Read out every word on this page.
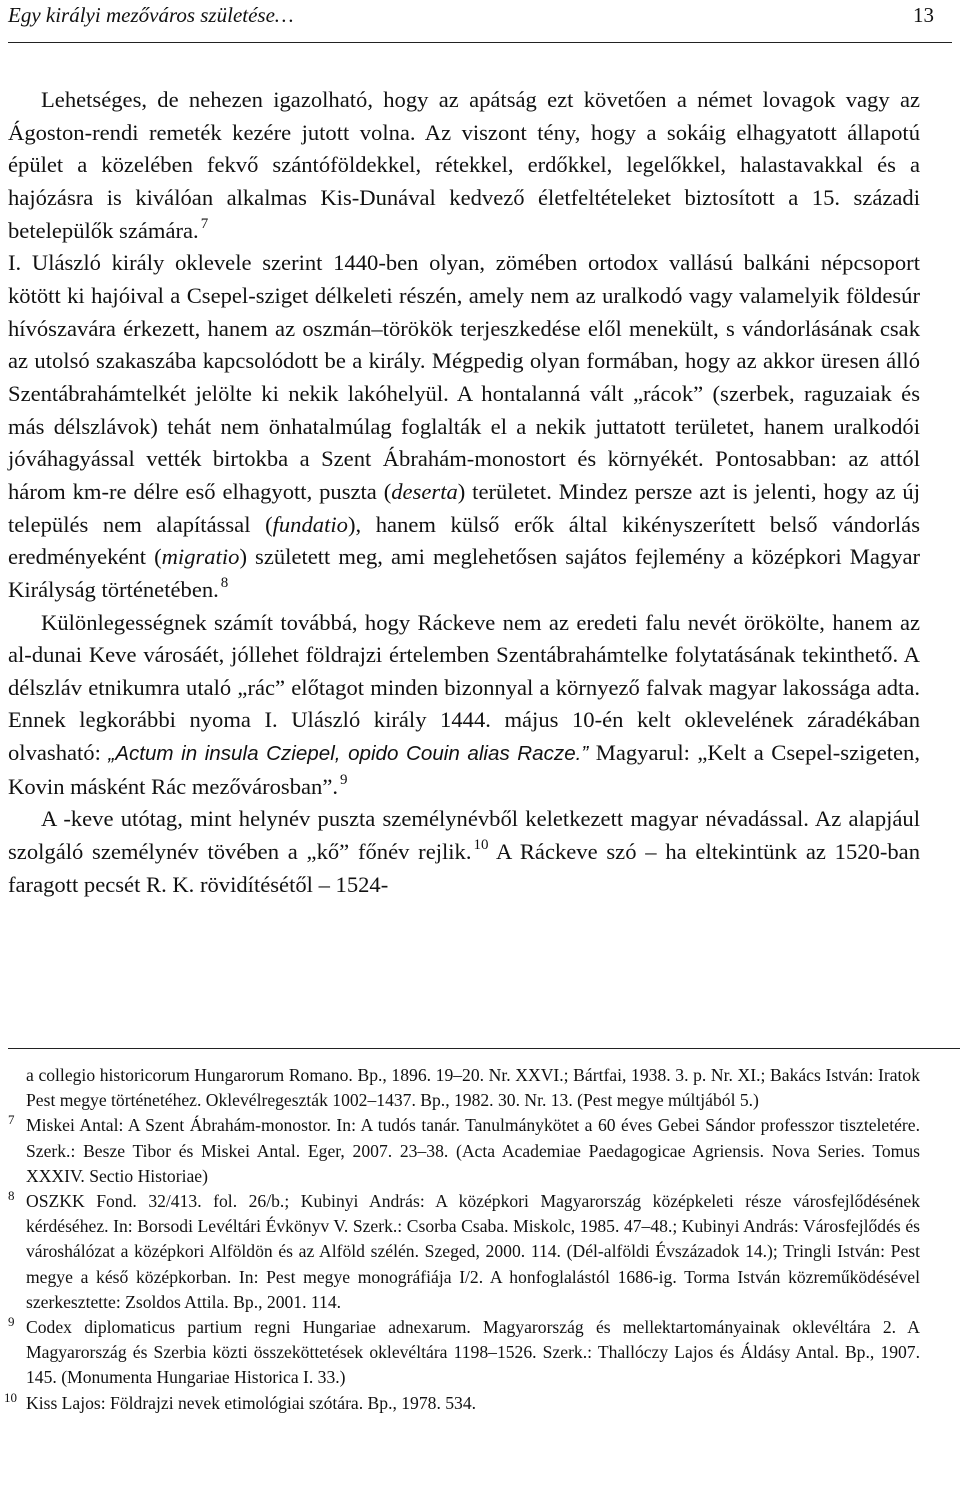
Egy királyi mezőváros születése…	13

Lehetséges, de nehezen igazolható, hogy az apátság ezt követően a német lovagok vagy az Ágoston-rendi remeték kezére jutott volna. Az viszont tény, hogy a sokáig elhagyatott állapotú épület a közelében fekvő szántóföldekkel, rétekkel, erdőkkel, legelőkkel, halastavakkal és a hajózásra is kiválóan alkalmas Kis-Dunával kedvező életfeltételeket biztosított a 15. századi betelepülők számára. $^7$

I. Ulászló király oklevele szerint 1440-ben olyan, zömében ortodox vallású balkáni népcsoport kötött ki hajóival a Csepel-sziget délkeleti részén, amely nem az uralkodó vagy valamelyik földesúr hívószavára érkezett, hanem az oszmán–törökök terjeszkedése elől menekült, s vándorlásának csak az utolsó szakaszába kapcsolódott be a király. Mégpedig olyan formában, hogy az akkor üresen álló Szentábrahámtelkét jelölte ki nekik lakóhelyül. A hontalanná vált „rácok” (szerbek, raguzaiak és más délszlávok) tehát nem önhatalmúlag foglalták el a nekik juttatott területet, hanem uralkodói jóváhagyással vették birtokba a Szent Ábrahám-monostort és környékét. Pontosabban: az attól három km-re délre eső elhagyott, puszta (deserta) területet. Mindez persze azt is jelenti, hogy az új település nem alapítással (fundatio), hanem külső erők által kikényszerített belső vándorlás eredményeként (migratio) született meg, ami meglehetősen sajátos fejlemény a középkori Magyar Királyság történetében. $^8$

Különlegességnek számít továbbá, hogy Ráckeve nem az eredeti falu nevét örökölte, hanem az al-dunai Keve városáét, jóllehet földrajzi értelemben Szentábrahámtelke folytatásának tekinthető. A délszláv etnikumra utaló „rác” előtagot minden bizonnyal a környező falvak magyar lakossága adta. Ennek legkorábbi nyoma I. Ulászló király 1444. május 10-én kelt oklevelének záradékában olvasható: „Actum in insula Cziepel, opido Couin alias Racze.” Magyarul: „Kelt a Csepel-szigeten, Kovin másként Rác mezővárosban”. $^9$

A -keve utótag, mint helynév puszta személynévből keletkezett magyar névadással. Az alapjául szolgáló személynév tövében a „kő” főnév rejlik. $^{10}$ A Ráckeve szó – ha eltekintünk az 1520-ban faragott pecsét R. K. rövidítésétől – 1524-

a collegio historicorum Hungarorum Romano. Bp., 1896. 19–20. Nr. XXVI.; Bártfai, 1938. 3. p. Nr. XI.; Bakács István: Iratok Pest megye történetéhez. Oklevélregeszták 1002–1437. Bp., 1982. 30. Nr. 13. (Pest megye múltjából 5.)

7 Miskei Antal: A Szent Ábrahám-monostor. In: A tudós tanár. Tanulmánykötet a 60 éves Gebei Sándor professzor tiszteletére. Szerk.: Besze Tibor és Miskei Antal. Eger, 2007. 23–38. (Acta Academiae Paedagogicae Agriensis. Nova Series. Tomus XXXIV. Sectio Historiae)

8 OSZKK Fond. 32/413. fol. 26/b.; Kubinyi András: A középkori Magyarország középkeleti része városfejlődésének kérdéséhez. In: Borsodi Levéltári Évkönyv V. Szerk.: Csorba Csaba. Miskolc, 1985. 47–48.; Kubinyi András: Városfejlődés és városhálózat a középkori Alföldön és az Alföld szélén. Szeged, 2000. 114. (Dél-alföldi Évszázadok 14.); Tringli István: Pest megye a késő középkorban. In: Pest megye monográfiája I/2. A honfoglalástól 1686-ig. Torma István közreműködésével szerkesztette: Zsoldos Attila. Bp., 2001. 114.

9 Codex diplomaticus partium regni Hungariae adnexarum. Magyarország és mellektartományainak oklevéltára 2. A Magyarország és Szerbia közti összeköttetések oklevéltára 1198–1526. Szerk.: Thallóczy Lajos és Áldásy Antal. Bp., 1907. 145. (Monumenta Hungariae Historica I. 33.)

10 Kiss Lajos: Földrajzi nevek etimológiai szótára. Bp., 1978. 534.
